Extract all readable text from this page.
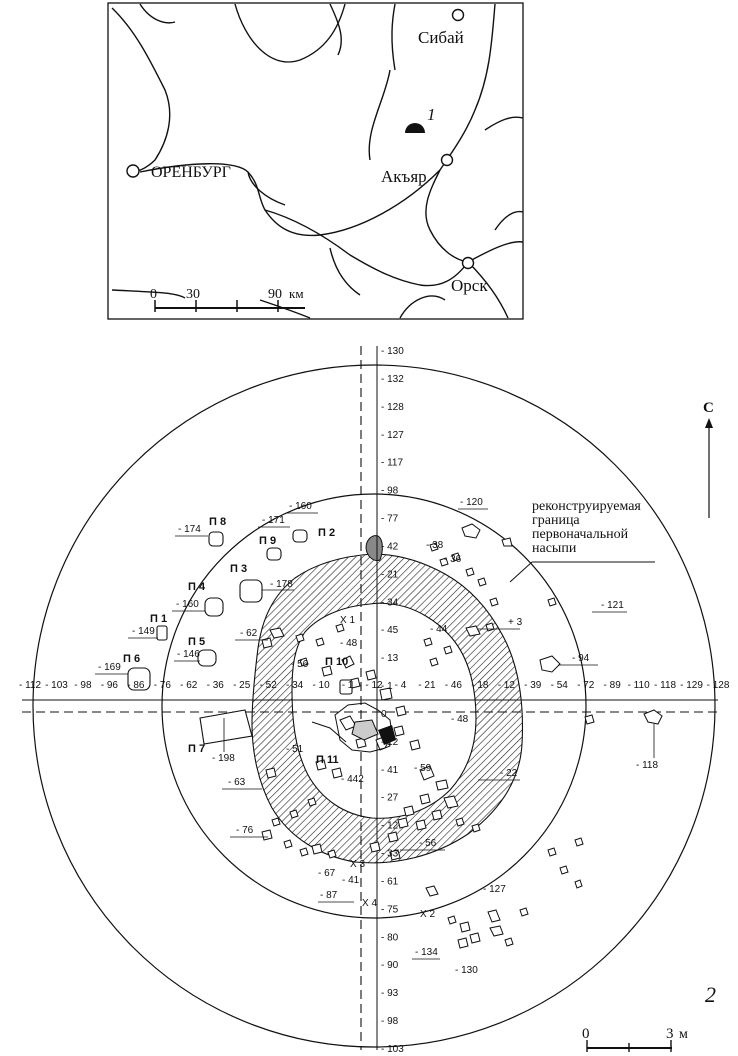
Сибай
ОРЕНБУРГ	Акъяр
Орск
1
0 30	90 км
С
реконструируемая
граница
первоначальной
насыпи
- 112 - 103 - 98 - 96 - 86 - 76 - 62 - 36 - 25 - 52 - 34 - 10 - 1 - 12 - 4 - 21 - 46 - 18 - 12 - 39 - 54 - 72 - 89 - 110 - 118 - 129 - 128
- 130
- 132
- 128
- 127
- 117
- 98
- 77
- 42
- 21
- 34
- 45
- 13
- 1
0
- 12
- 41
- 27
- 12
- 33
- 61
- 75
- 80
- 90
- 93
- 98
- 103
П 8
- 174
П 9
- 171
П 2
- 160
П 3
- 178
П 4
- 160
П 1
- 149
П 5
- 146
П 6
- 169
П 7
- 198
П 10
П 11
- 442
- 120
- 38
- 36
- 121
+ 3
- 44
- 94
- 62
- 48
- 56
- 48
- 51
- 59	- 22
- 63
- 76
- 56
- 67
- 41
- 87
- 127
- 134
- 130
- 118
Х 1
Х 2
Х 3
Х 4
2
0	3 м
